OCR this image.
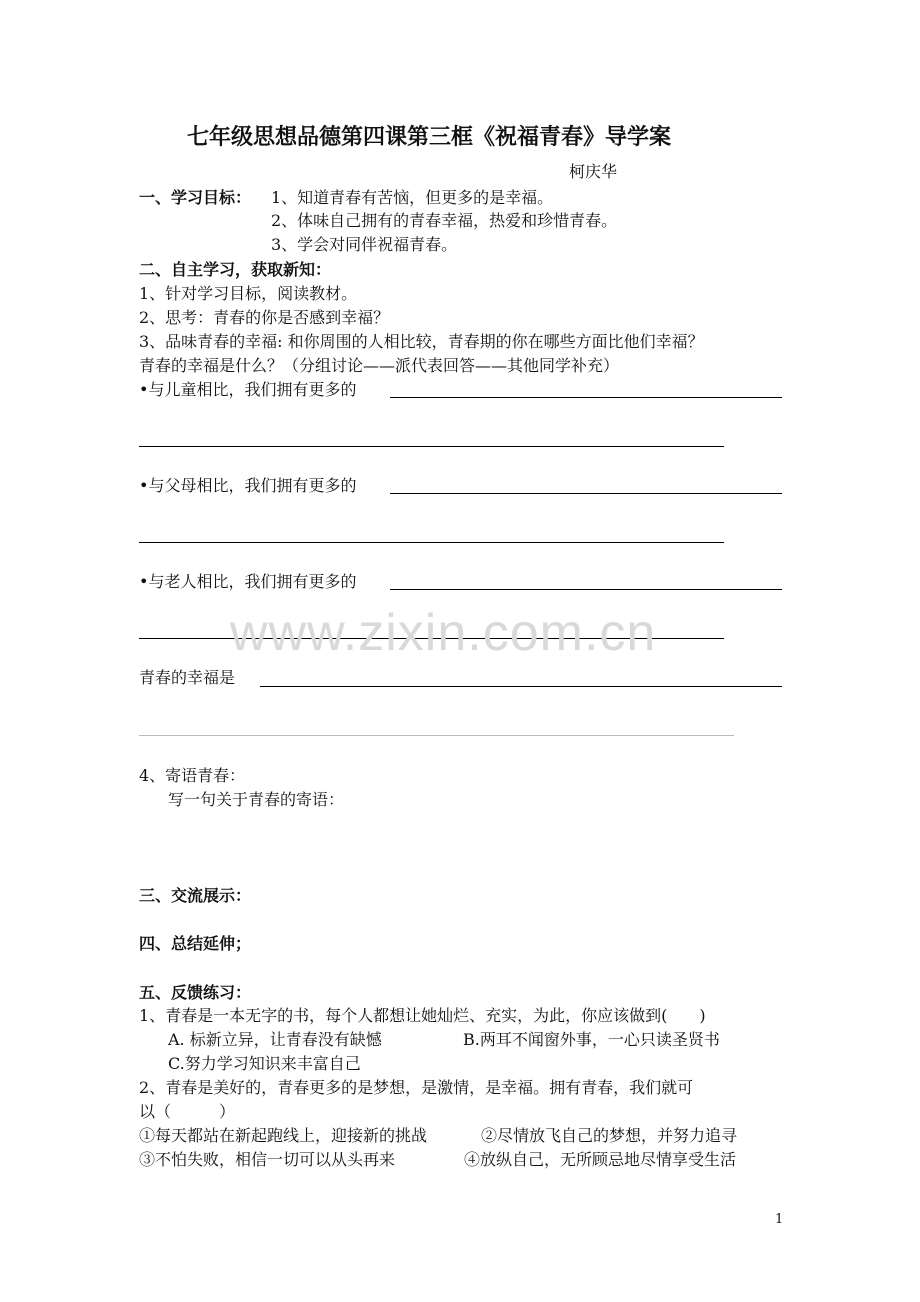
七年级思想品德第四课第三框《祝福青春》导学案
柯庆华
一、学习目标： 1、知道青春有苦恼，但更多的是幸福。
2、体味自己拥有的青春幸福，热爱和珍惜青春。
3、学会对同伴祝福青春。
二、自主学习，获取新知：
1、针对学习目标，阅读教材。
2、思考：青春的你是否感到幸福？
3、品味青春的幸福: 和你周围的人相比较，青春期的你在哪些方面比他们幸福？
青春的幸福是什么？（分组讨论——派代表回答——其他同学补充）
•与儿童相比，我们拥有更多的
•与父母相比，我们拥有更多的
•与老人相比，我们拥有更多的
www.zixin.com.cn
青春的幸福是
4、寄语青春：
写一句关于青春的寄语：
三、交流展示：
四、总结延伸；
五、反馈练习：
1、青春是一本无字的书，每个人都想让她灿烂、充实，为此，你应该做到(　　)
A. 标新立异，让青春没有缺憾	B.两耳不闻窗外事，一心只读圣贤书
C.努力学习知识来丰富自己
2、青春是美好的，青春更多的是梦想，是激情，是幸福。拥有青春，我们就可
以（　　　）
①每天都站在新起跑线上，迎接新的挑战	②尽情放飞自己的梦想，并努力追寻
③不怕失败，相信一切可以从头再来	④放纵自己，无所顾忌地尽情享受生活
1
